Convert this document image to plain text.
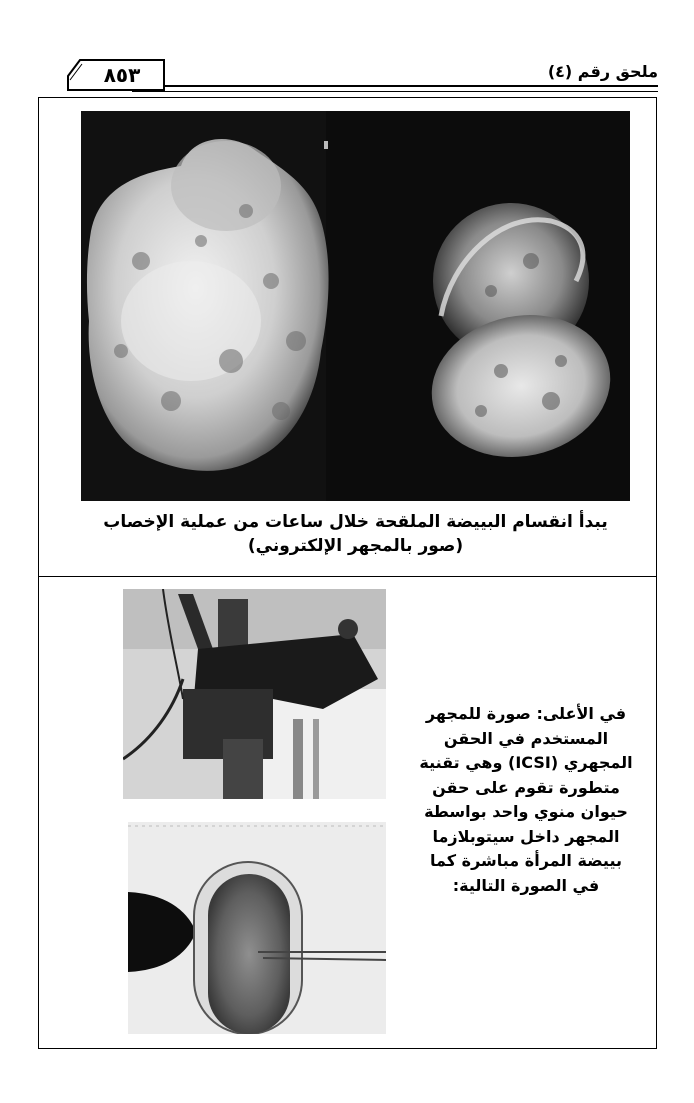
ملحق رقم (٤)
٨٥٣
يبدأ انقسام البييضة الملقحة خلال ساعات من عملية الإخصاب
(صور بالمجهر الإلكتروني)

في الأعلى: صورة للمجهر

المستخدم في الحقن

المجهري (ICSI) وهي تقنية

متطورة تقوم على حقن

حيوان منوي واحد بواسطة

المجهر داخل سيتوبلازما

بييضة المرأة مباشرة كما

في الصورة التالية:
